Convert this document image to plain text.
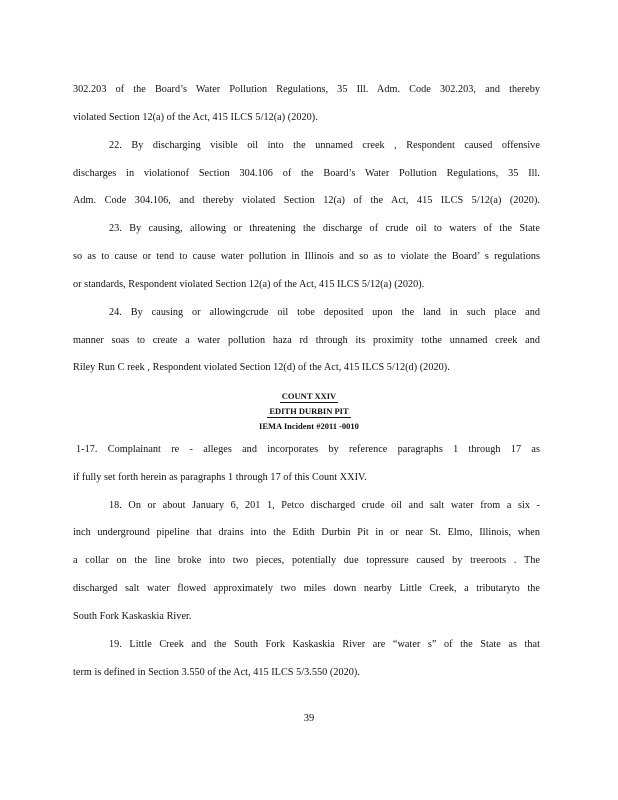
302.203 of the Board’s Water Pollution Regulations, 35 Ill. Adm. Code 302.203, and thereby
violated Section 12(a) of the Act, 415 ILCS 5/12(a) (2020).
22. By discharging visible oil into the unnamed creek , Respondent caused offensive
discharges in violationof Section 304.106 of the Board’s Water Pollution Regulations, 35 Ill.
Adm. Code 304.106, and thereby violated Section 12(a) of the Act, 415 ILCS 5/12(a) (2020).
23. By causing, allowing or threatening the discharge of crude oil to waters of the State
so as to cause or tend to cause water pollution in Illinois and so as to violate the Board’ s regulations
or standards, Respondent violated Section 12(a) of the Act, 415 ILCS 5/12(a) (2020).
24. By causing or allowingcrude oil tobe deposited upon the land in such place and
manner soas to create a water pollution haza rd through its proximity tothe unnamed creek and
Riley Run C reek , Respondent violated Section 12(d) of the Act, 415 ILCS 5/12(d) (2020).
COUNT XXIV
EDITH DURBIN PIT
IEMA Incident #2011 -0010
1-17. Complainant re - alleges and incorporates by reference paragraphs 1 through 17 as
if fully set forth herein as paragraphs 1 through 17 of this Count XXIV.
18. On or about January 6, 201 1, Petco discharged crude oil and salt water from a six -
inch underground pipeline that drains into the Edith Durbin Pit in or near St. Elmo, Illinois, when
a collar on the line broke into two pieces, potentially due topressure caused by treeroots . The
discharged salt water flowed approximately two miles down nearby Little Creek, a tributaryto the
South Fork Kaskaskia River.
19. Little Creek and the South Fork Kaskaskia River are “water s” of the State as that
term is defined in Section 3.550 of the Act, 415 ILCS 5/3.550 (2020).
39
